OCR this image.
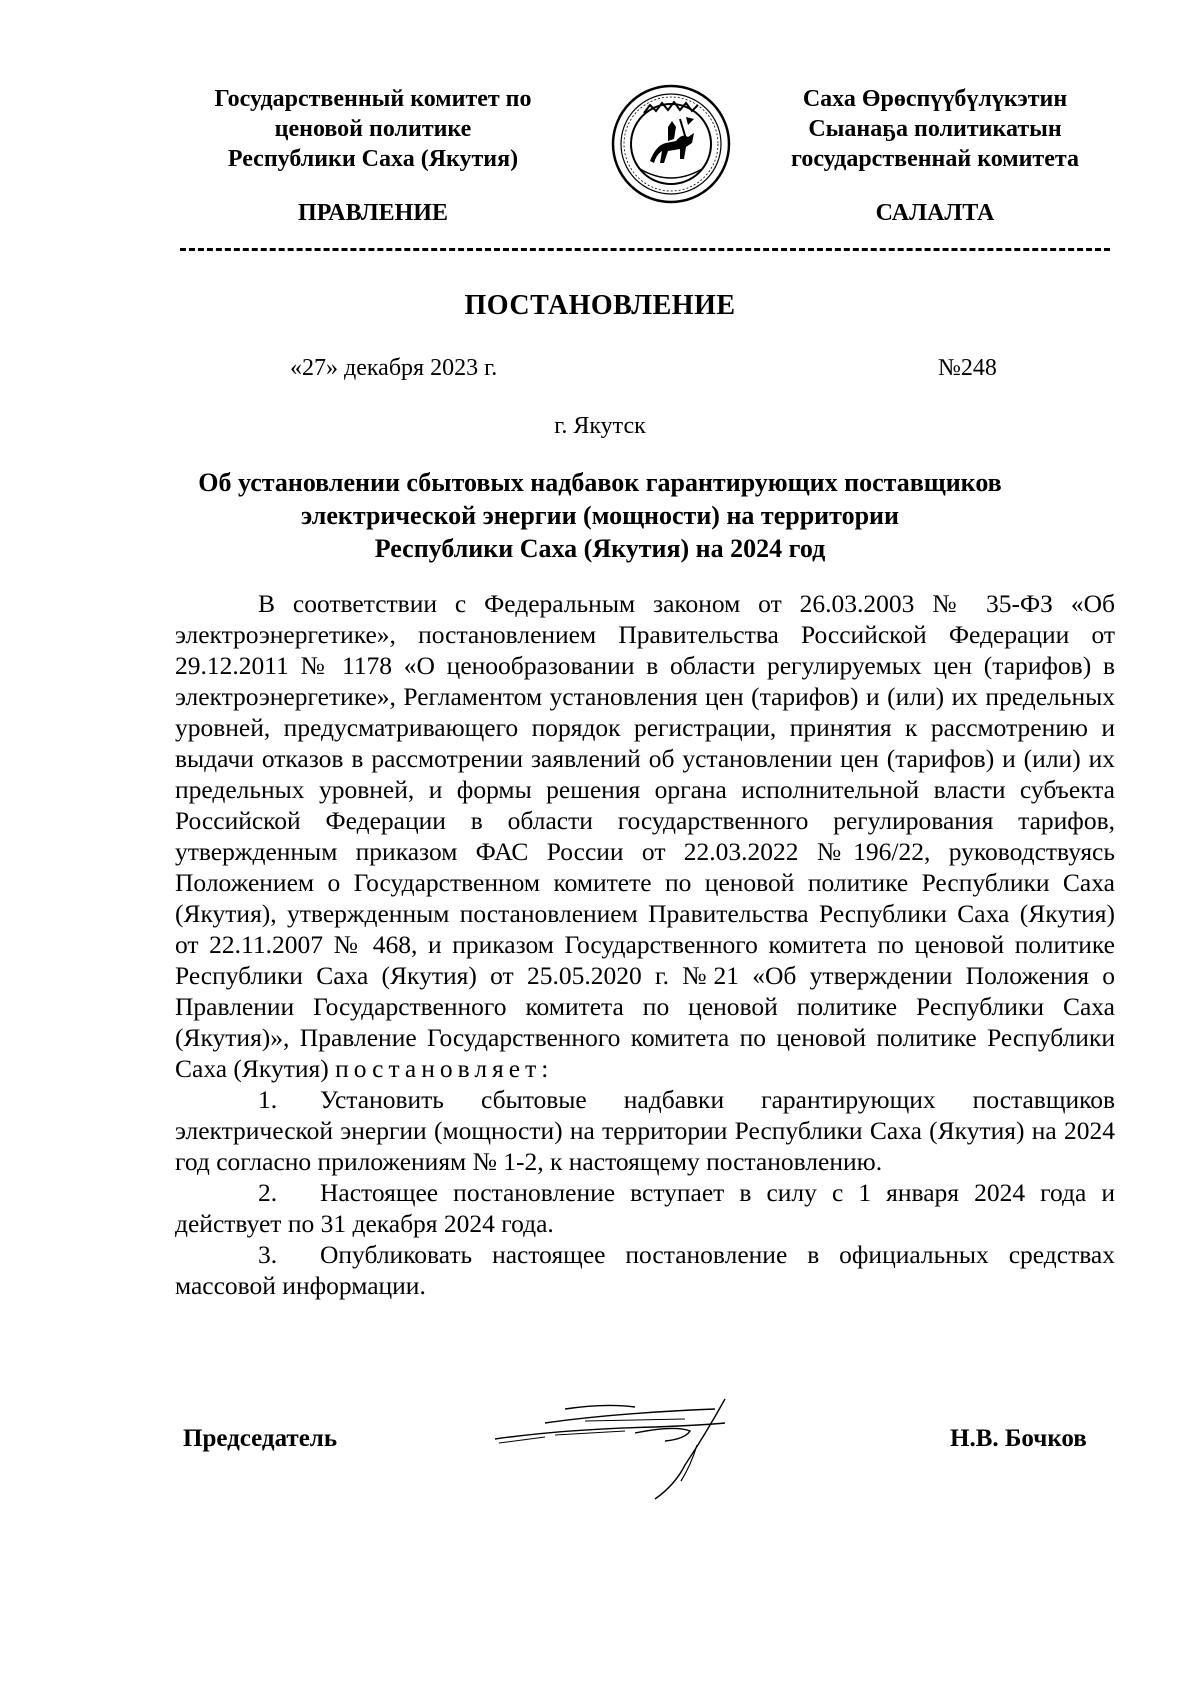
Государственный комитет по
ценовой политике
Республики Саха (Якутия)
Саха Өрөспүүбүлүкэтин
Сыанаҕа политикатын
государственнай комитета
ПРАВЛЕНИЕ	САЛАЛТА
ПОСТАНОВЛЕНИЕ
«27» декабря 2023 г.	№248
г. Якутск
Об установлении сбытовых надбавок гарантирующих поставщиков
электрической энергии (мощности) на территории
Республики Саха (Якутия) на 2024 год

В соответствии с Федеральным законом от 26.03.2003 № 35-ФЗ «Об электроэнергетике», постановлением Правительства Российской Федерации от 29.12.2011 № 1178 «О ценообразовании в области регулируемых цен (тарифов) в электроэнергетике», Регламентом установления цен (тарифов) и (или) их предельных уровней, предусматривающего порядок регистрации, принятия к рассмотрению и выдачи отказов в рассмотрении заявлений об установлении цен (тарифов) и (или) их предельных уровней, и формы решения органа исполнительной власти субъекта Российской Федерации в области государственного регулирования тарифов, утвержденным приказом ФАС России от 22.03.2022 №196/22, руководствуясь Положением о Государственном комитете по ценовой политике Республики Саха (Якутия), утвержденным постановлением Правительства Республики Саха (Якутия) от 22.11.2007 № 468, и приказом Государственного комитета по ценовой политике Республики Саха (Якутия) от 25.05.2020 г. №21 «Об утверждении Положения о Правлении Государственного комитета по ценовой политике Республики Саха (Якутия)», Правление Государственного комитета по ценовой политике Республики Саха (Якутия) постановляет:

1. Установить сбытовые надбавки гарантирующих поставщиков электрической энергии (мощности) на территории Республики Саха (Якутия) на 2024 год согласно приложениям № 1-2, к настоящему постановлению.

2. Настоящее постановление вступает в силу с 1 января 2024 года и действует по 31 декабря 2024 года.

3. Опубликовать настоящее постановление в официальных средствах массовой информации.

Председатель	Н.В. Бочков
